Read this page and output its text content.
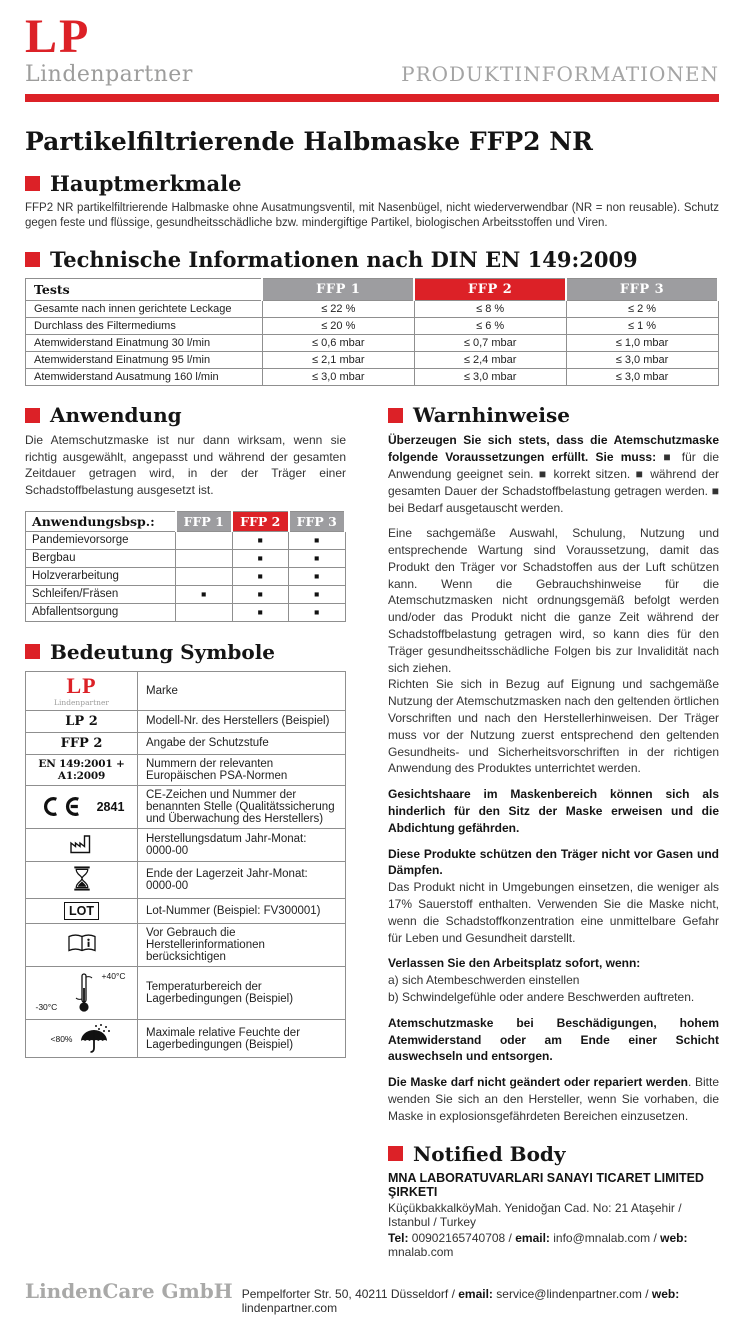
LP
Lindenpartner	PRODUKTINFORMATIONEN
Partikelfiltrierende Halbmaske FFP2 NR
Hauptmerkmale

FFP2 NR partikelfiltrierende Halbmaske ohne Ausatmungsventil, mit Nasenbügel, nicht wiederverwendbar (NR = non reusable). Schutz gegen feste und flüssige, gesundheitsschädliche bzw. mindergiftige Partikel, biologischen Arbeitsstoffen und Viren.

Technische Informationen nach DIN EN 149:2009
Tests	FFP 1	FFP 2	FFP 3
Gesamte nach innen gerichtete Leckage	≤ 22 %	≤ 8 %	≤ 2 %
Durchlass des Filtermediums	≤ 20 %	≤ 6 %	≤ 1 %
Atemwiderstand Einatmung 30 l/min	≤ 0,6 mbar	≤ 0,7 mbar	≤ 1,0 mbar
Atemwiderstand Einatmung 95 l/min	≤ 2,1 mbar	≤ 2,4 mbar	≤ 3,0 mbar
Atemwiderstand Ausatmung 160 l/min	≤ 3,0 mbar	≤ 3,0 mbar	≤ 3,0 mbar
Anwendung

Die Atemschutzmaske ist nur dann wirksam, wenn sie richtig ausgewählt, angepasst und während der gesamten Zeitdauer getragen wird, in der der Träger einer Schadstoffbelastung ausgesetzt ist.

Anwendungsbsp.:	FFP 1	FFP 2	FFP 3
Pandemievorsorge		■	■
Bergbau		■	■
Holzverarbeitung		■	■
Schleifen/Fräsen	■	■	■
Abfallentsorgung		■	■
Bedeutung Symbole
LP
Lindenpartner	Marke
LP 2	Modell-Nr. des Herstellers (Beispiel)
FFP 2	Angabe der Schutzstufe
EN 149:2001 + A1:2009	Nummern der relevanten Europäischen PSA-Normen

2841	CE-Zeichen und Nummer der benannten Stelle (Qualitätssicherung und Überwachung des Herstellers)
	Herstellungsdatum Jahr-Monat: 0000-00
	Ende der Lagerzeit Jahr-Monat: 0000-00
LOT	Lot-Nummer (Beispiel: FV300001)
	Vor Gebrauch die Herstellerinformationen berücksichtigen

+40°C
-30°C	Temperaturbereich der Lagerbedingungen (Beispiel)

<80%	Maximale relative Feuchte der Lagerbedingungen (Beispiel)
Warnhinweise

Überzeugen Sie sich stets, dass die Atemschutzmaske folgende Voraussetzungen erfüllt. Sie muss: ■ für die Anwendung geeignet sein. ■ korrekt sitzen. ■ während der gesamten Dauer der Schadstoffbelastung getragen werden. ■ bei Bedarf ausgetauscht werden.

Eine sachgemäße Auswahl, Schulung, Nutzung und entsprechende Wartung sind Voraussetzung, damit das Produkt den Träger vor Schadstoffen aus der Luft schützen kann. Wenn die Gebrauchshinweise für die Atemschutzmasken nicht ordnungsgemäß befolgt werden und/oder das Produkt nicht die ganze Zeit während der Schadstoffbelastung getragen wird, so kann dies für den Träger gesundheitsschädliche Folgen bis zur Invalidität nach sich ziehen.
Richten Sie sich in Bezug auf Eignung und sachgemäße Nutzung der Atemschutzmasken nach den geltenden örtlichen Vorschriften und nach den Herstellerhinweisen. Der Träger muss vor der Nutzung zuerst entsprechend den geltenden Gesundheits- und Sicherheitsvorschriften in der richtigen Anwendung des Produktes unterrichtet werden.

Gesichtshaare im Maskenbereich können sich als hinderlich für den Sitz der Maske erweisen und die Abdichtung gefährden.

Diese Produkte schützen den Träger nicht vor Gasen und Dämpfen.
Das Produkt nicht in Umgebungen einsetzen, die weniger als 17% Sauerstoff enthalten. Verwenden Sie die Maske nicht, wenn die Schadstoffkonzentration eine unmittelbare Gefahr für Leben und Gesundheit darstellt.

Verlassen Sie den Arbeitsplatz sofort, wenn:
a) sich Atembeschwerden einstellen
b) Schwindelgefühle oder andere Beschwerden auftreten.

Atemschutzmaske bei Beschädigungen, hohem Atemwiderstand oder am Ende einer Schicht auswechseln und entsorgen.

Die Maske darf nicht geändert oder repariert werden. Bitte wenden Sie sich an den Hersteller, wenn Sie vorhaben, die Maske in explosionsgefährdeten Bereichen einzusetzen.

Notified Body
MNA LABORATUVARLARI SANAYI TICARET LIMITED ŞIRKETI
KüçükbakkalköyMah. Yenidoğan Cad. No: 21 Ataşehir / Istanbul / Turkey
Tel: 00902165740708 / email: info@mnalab.com / web: mnalab.com
LindenCare GmbH Pempelforter Str. 50, 40211 Düsseldorf / email: service@lindenpartner.com / web: lindenpartner.com
